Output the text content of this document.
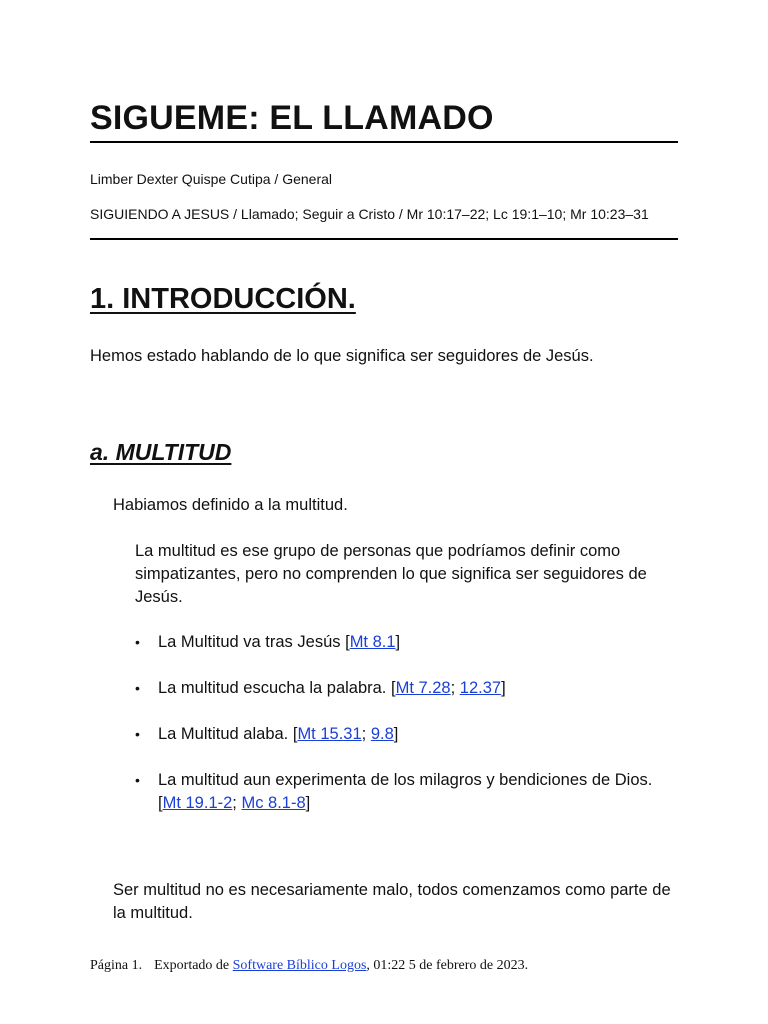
SIGUEME: EL LLAMADO

Limber Dexter Quispe Cutipa / General

SIGUIENDO A JESUS / Llamado; Seguir a Cristo / Mr 10:17–22; Lc 19:1–10; Mr 10:23–31

1. INTRODUCCIÓN.

Hemos estado hablando de lo que significa ser seguidores de Jesús.

a. MULTITUD

Habiamos definido a la multitud.

La multitud es ese grupo de personas que podríamos definir como simpatizantes, pero no comprenden lo que significa ser seguidores de Jesús.

• La Multitud va tras Jesús [Mt 8.1]
• La multitud escucha la palabra. [Mt 7.28; 12.37]
• La Multitud alaba. [Mt 15.31; 9.8]
• La multitud aun experimenta de los milagros y bendiciones de Dios. [Mt 19.1-2; Mc 8.1-8]

Ser multitud no es necesariamente malo, todos comenzamos como parte de la multitud.

Página 1. Exportado de Software Bíblico Logos, 01:22 5 de febrero de 2023.
